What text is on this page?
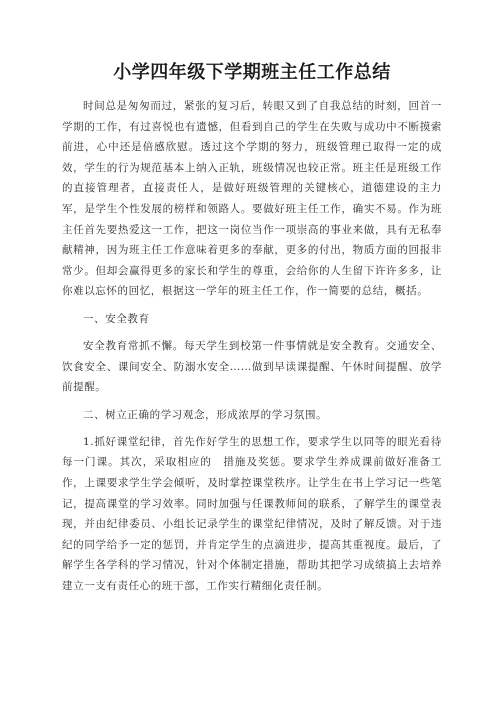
小学四年级下学期班主任工作总结

时间总是匆匆而过，紧张的复习后，转眼又到了自我总结的时刻，回首一学期的工作，有过喜悦也有遗憾，但看到自己的学生在失败与成功中不断摸索前进，心中还是倍感欣慰。透过这个学期的努力，班级管理已取得一定的成效，学生的行为规范基本上纳入正轨，班级情况也较正常。班主任是班级工作的直接管理者，直接责任人，是做好班级管理的关键核心，道德建设的主力军，是学生个性发展的榜样和领路人。要做好班主任工作，确实不易。作为班主任首先要热爱这一工作，把这一岗位当作一项崇高的事业来做，具有无私奉献精神，因为班主任工作意味着更多的奉献，更多的付出，物质方面的回报非常少。但却会赢得更多的家长和学生的尊重，会给你的人生留下许许多多，让你难以忘怀的回忆，根据这一学年的班主任工作，作一简要的总结，概括。

一、安全教育

安全教育常抓不懈。每天学生到校第一件事情就是安全教育。交通安全、饮食安全、课间安全、防溺水安全……做到早读课提醒、午休时间提醒、放学前提醒。

二、树立正确的学习观念，形成浓厚的学习氛围。

1.抓好课堂纪律，首先作好学生的思想工作，要求学生以同等的眼光看待每一门课。其次，采取相应的　措施及奖惩。要求学生养成课前做好准备工作，上课要求学生学会倾听，及时掌控课堂秩序。让学生在书上学习记一些笔记，提高课堂的学习效率。同时加强与任课教师间的联系，了解学生的课堂表现，并由纪律委员、小组长记录学生的课堂纪律情况，及时了解反馈。对于违纪的同学给予一定的惩罚，并肯定学生的点滴进步，提高其重视度。最后，了解学生各学科的学习情况，针对个体制定措施，帮助其把学习成绩搞上去培养建立一支有责任心的班干部，工作实行精细化责任制。
